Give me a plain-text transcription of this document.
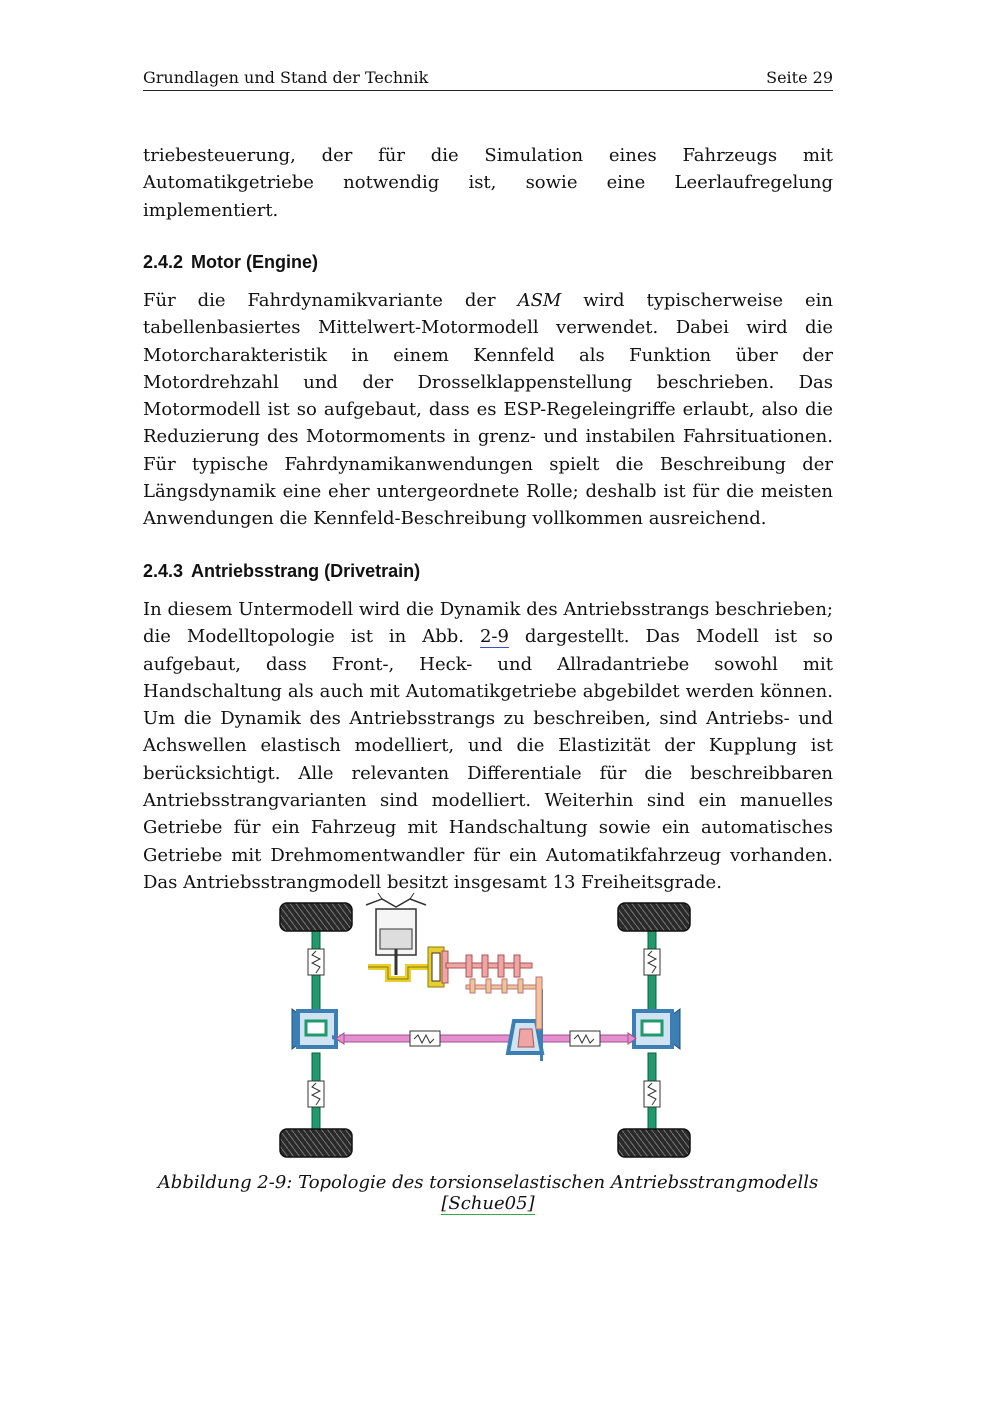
Grundlagen und Stand der Technik	Seite 29

triebesteuerung, der für die Simulation eines Fahrzeugs mit Automatikgetriebe notwendig ist, sowie eine Leerlaufregelung implementiert.

2.4.2 Motor (Engine)

Für die Fahrdynamikvariante der ASM wird typischerweise ein tabellenbasiertes Mittelwert-Motormodell verwendet. Dabei wird die Motorcharakteristik in einem Kennfeld als Funktion über der Motordrehzahl und der Drosselklappenstellung beschrieben. Das Motormodell ist so aufgebaut, dass es ESP-Regeleingriffe erlaubt, also die Reduzierung des Motormoments in grenz- und instabilen Fahrsituationen. Für typische Fahrdynamikanwendungen spielt die Beschreibung der Längsdynamik eine eher untergeordnete Rolle; deshalb ist für die meisten Anwendungen die Kennfeld-Beschreibung vollkommen ausreichend.

2.4.3 Antriebsstrang (Drivetrain)

In diesem Untermodell wird die Dynamik des Antriebsstrangs beschrieben; die Modelltopologie ist in Abb. 2-9 dargestellt. Das Modell ist so aufgebaut, dass Front-, Heck- und Allradantriebe sowohl mit Handschaltung als auch mit Automatikgetriebe abgebildet werden können. Um die Dynamik des Antriebsstrangs zu beschreiben, sind Antriebs- und Achswellen elastisch modelliert, und die Elastizität der Kupplung ist berücksichtigt. Alle relevanten Differentiale für die beschreibbaren Antriebsstrangvarianten sind modelliert. Weiterhin sind ein manuelles Getriebe für ein Fahrzeug mit Handschaltung sowie ein automatisches Getriebe mit Drehmomentwandler für ein Automatikfahrzeug vorhanden. Das Antriebsstrangmodell besitzt insgesamt 13 Freiheitsgrade.

Abbildung 2-9: Topologie des torsionselastischen Antriebsstrangmodells [Schue05]
